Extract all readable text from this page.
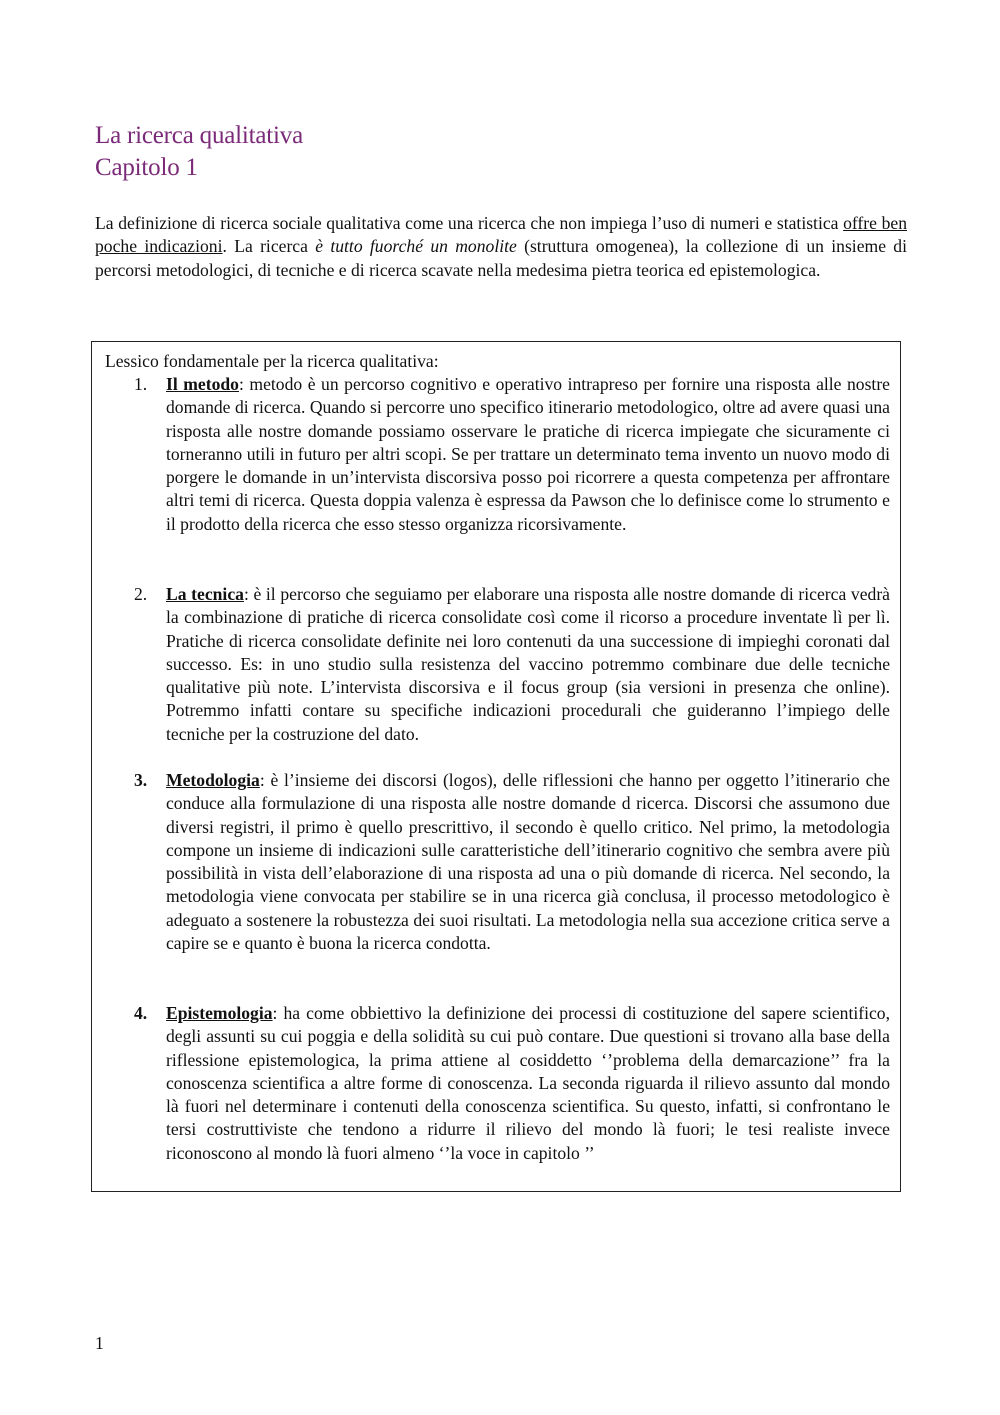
La ricerca qualitativa
Capitolo 1
La definizione di ricerca sociale qualitativa come una ricerca che non impiega l’uso di numeri e statistica offre ben poche indicazioni. La ricerca è tutto fuorché un monolite (struttura omogenea), la collezione di un insieme di percorsi metodologici, di tecniche e di ricerca scavate nella medesima pietra teorica ed epistemologica.
Lessico fondamentale per la ricerca qualitativa:
1. Il metodo: metodo è un percorso cognitivo e operativo intrapreso per fornire una risposta alle nostre domande di ricerca. Quando si percorre uno specifico itinerario metodologico, oltre ad avere quasi una risposta alle nostre domande possiamo osservare le pratiche di ricerca impiegate che sicuramente ci torneranno utili in futuro per altri scopi. Se per trattare un determinato tema invento un nuovo modo di porgere le domande in un’intervista discorsiva posso poi ricorrere a questa competenza per affrontare altri temi di ricerca. Questa doppia valenza è espressa da Pawson che lo definisce come lo strumento e il prodotto della ricerca che esso stesso organizza ricorsivamente.
2. La tecnica: è il percorso che seguiamo per elaborare una risposta alle nostre domande di ricerca vedrà la combinazione di pratiche di ricerca consolidate così come il ricorso a procedure inventate lì per lì. Pratiche di ricerca consolidate definite nei loro contenuti da una successione di impieghi coronati dal successo. Es: in uno studio sulla resistenza del vaccino potremmo combinare due delle tecniche qualitative più note. L’intervista discorsiva e il focus group (sia versioni in presenza che online). Potremmo infatti contare su specifiche indicazioni procedurali che guideranno l’impiego delle tecniche per la costruzione del dato.
3. Metodologia: è l’insieme dei discorsi (logos), delle riflessioni che hanno per oggetto l’itinerario che conduce alla formulazione di una risposta alle nostre domande d ricerca. Discorsi che assumono due diversi registri, il primo è quello prescrittivo, il secondo è quello critico. Nel primo, la metodologia compone un insieme di indicazioni sulle caratteristiche dell’itinerario cognitivo che sembra avere più possibilità in vista dell’elaborazione di una risposta ad una o più domande di ricerca. Nel secondo, la metodologia viene convocata per stabilire se in una ricerca già conclusa, il processo metodologico è adeguato a sostenere la robustezza dei suoi risultati. La metodologia nella sua accezione critica serve a capire se e quanto è buona la ricerca condotta.
4. Epistemologia: ha come obbiettivo la definizione dei processi di costituzione del sapere scientifico, degli assunti su cui poggia e della solidità su cui può contare. Due questioni si trovano alla base della riflessione epistemologica, la prima attiene al cosiddetto ‘’problema della demarcazione’’ fra la conoscenza scientifica a altre forme di conoscenza. La seconda riguarda il rilievo assunto dal mondo là fuori nel determinare i contenuti della conoscenza scientifica. Su questo, infatti, si confrontano le tersi costruttiviste che tendono a ridurre il rilievo del mondo là fuori; le tesi realiste invece riconoscono al mondo là fuori almeno ‘’la voce in capitolo ’’
1
